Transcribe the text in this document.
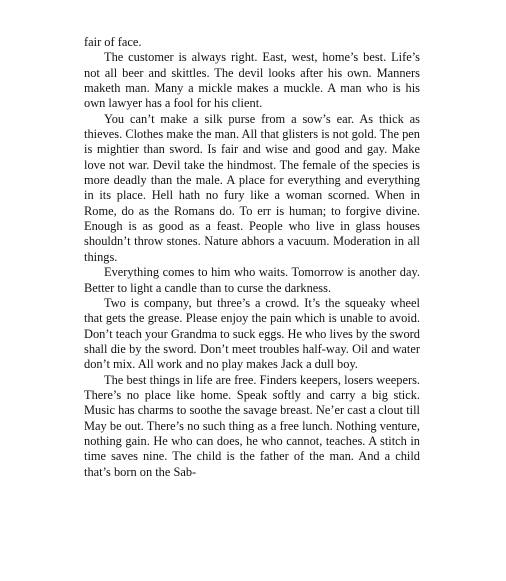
fair of face.

The customer is always right. East, west, home’s best. Life’s not all beer and skittles. The devil looks after his own. Manners maketh man. Many a mickle makes a muckle. A man who is his own lawyer has a fool for his client.

You can’t make a silk purse from a sow’s ear. As thick as thieves. Clothes make the man. All that glisters is not gold. The pen is mightier than sword. Is fair and wise and good and gay. Make love not war. Devil take the hindmost. The female of the species is more deadly than the male. A place for everything and everything in its place. Hell hath no fury like a woman scorned. When in Rome, do as the Romans do. To err is human; to forgive divine. Enough is as good as a feast. People who live in glass houses shouldn’t throw stones. Nature abhors a vacuum. Moderation in all things.

Everything comes to him who waits. Tomorrow is another day. Better to light a candle than to curse the darkness.

Two is company, but three’s a crowd. It’s the squeaky wheel that gets the grease. Please enjoy the pain which is unable to avoid. Don’t teach your Grandma to suck eggs. He who lives by the sword shall die by the sword. Don’t meet troubles half-way. Oil and water don’t mix. All work and no play makes Jack a dull boy.

The best things in life are free. Finders keepers, losers weepers. There’s no place like home. Speak softly and carry a big stick. Music has charms to soothe the savage breast. Ne’er cast a clout till May be out. There’s no such thing as a free lunch. Nothing venture, nothing gain. He who can does, he who cannot, teaches. A stitch in time saves nine. The child is the father of the man. And a child that’s born on the Sab-
